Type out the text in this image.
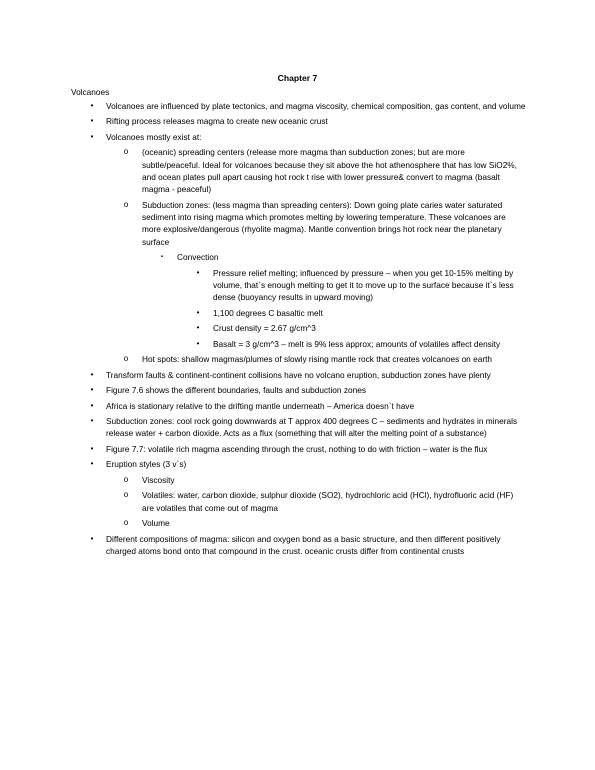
Chapter 7
Volcanoes
•	Volcanoes are influenced by plate tectonics, and magma viscosity, chemical composition, gas content, and volume
•	Rifting process releases magma to create new oceanic crust
•	Volcanoes mostly exist at:
o	(oceanic) spreading centers (release more magma than subduction zones; but are more subtle/peaceful. Ideal for volcanoes because they sit above the hot athenosphere that has low SiO2%, and ocean plates pull apart causing hot rock t rise with lower pressure& convert to magma (basalt magma - peaceful)
o	Subduction zones: (less magma than spreading centers): Down going plate caries water saturated sediment into rising magma which promotes melting by lowering temperature. These volcanoes are more explosive/dangerous (rhyolite magma). Mantle convention brings hot rock near the planetary surface
▪	Convection
•	Pressure relief melting; influenced by pressure – when you get 10-15% melting by volume, that`s enough melting to get it to move up to the surface because it`s less dense (buoyancy results in upward moving)
•	1,100 degrees C basaltic melt
•	Crust density = 2.67 g/cm^3
•	Basalt = 3 g/cm^3 – melt is 9% less approx; amounts of volatiles affect density
o	Hot spots: shallow magmas/plumes of slowly rising mantle rock that creates volcanoes on earth
•	Transform faults & continent-continent collisions have no volcano eruption, subduction zones have plenty
•	Figure 7.6 shows the different boundaries, faults and subduction zones
•	Africa is stationary relative to the drifting mantle underneath – America doesn`t have
•	Subduction zones: cool rock going downwards at T approx 400 degrees C – sediments and hydrates in minerals release water + carbon dioxide. Acts as a flux (something that will alter the melting point of a substance)
•	Figure 7.7: volatile rich magma ascending through the crust, nothing to do with friction – water is the flux
•	Eruption styles (3 v`s)
o	Viscosity
o	Volatiles: water, carbon dioxide, sulphur dioxide (SO2), hydrochloric acid (HCl), hydrofluoric acid (HF) are volatiles that come out of magma
o	Volume
•	Different compositions of magma: silicon and oxygen bond as a basic structure, and then different positively charged atoms bond onto that compound in the crust. oceanic crusts differ from continental crusts
